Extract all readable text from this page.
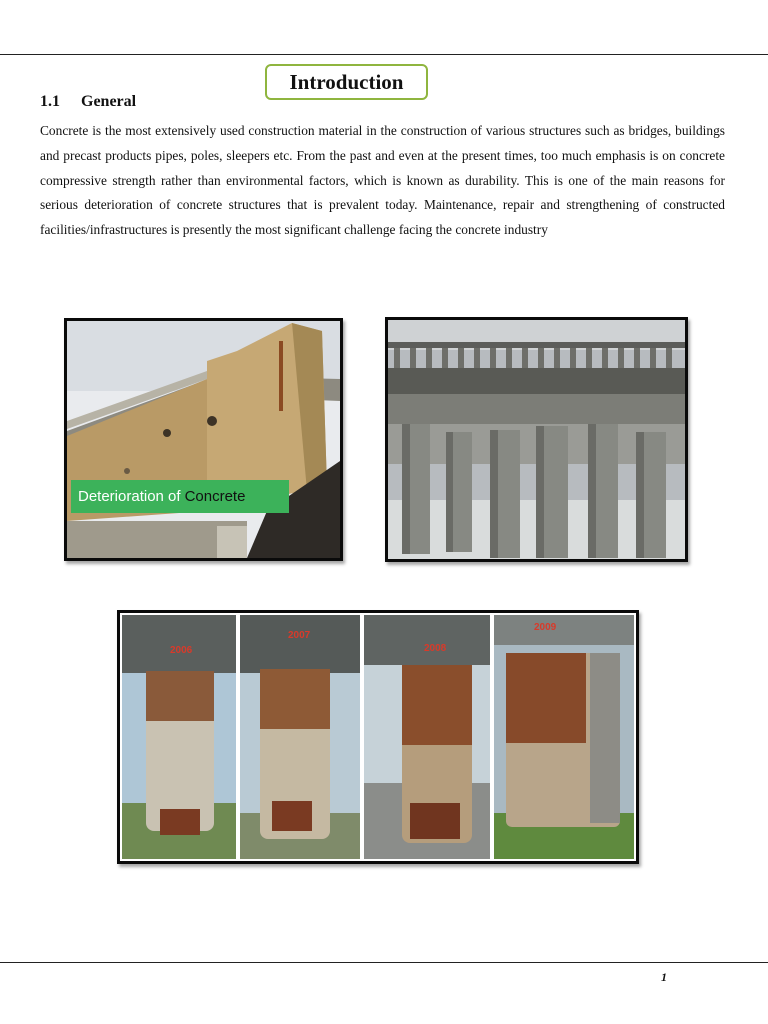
Introduction
1.1 General

Concrete is the most extensively used construction material in the construction of various structures such as bridges, buildings and precast products pipes, poles, sleepers etc. From the past and even at the present times, too much emphasis is on concrete compressive strength rather than environmental factors, which is known as durability. This is one of the main reasons for serious deterioration of concrete structures that is prevalent today. Maintenance, repair and strengthening of constructed facilities/infrastructures is presently the most significant challenge facing the concrete industry

Deterioration of Concrete
2006
2007
2008
2009
1
